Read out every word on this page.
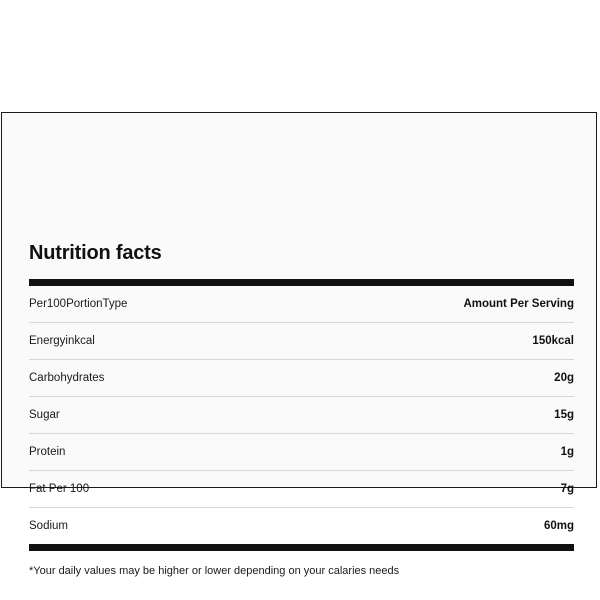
Nutrition facts
Per100PortionType	Amount Per Serving
Energyinkcal	150kcal
Carbohydrates	20g
Sugar	15g
Protein	1g
Fat Per 100	7g
Sodium	60mg
*Your daily values may be higher or lower depending on your calaries needs
